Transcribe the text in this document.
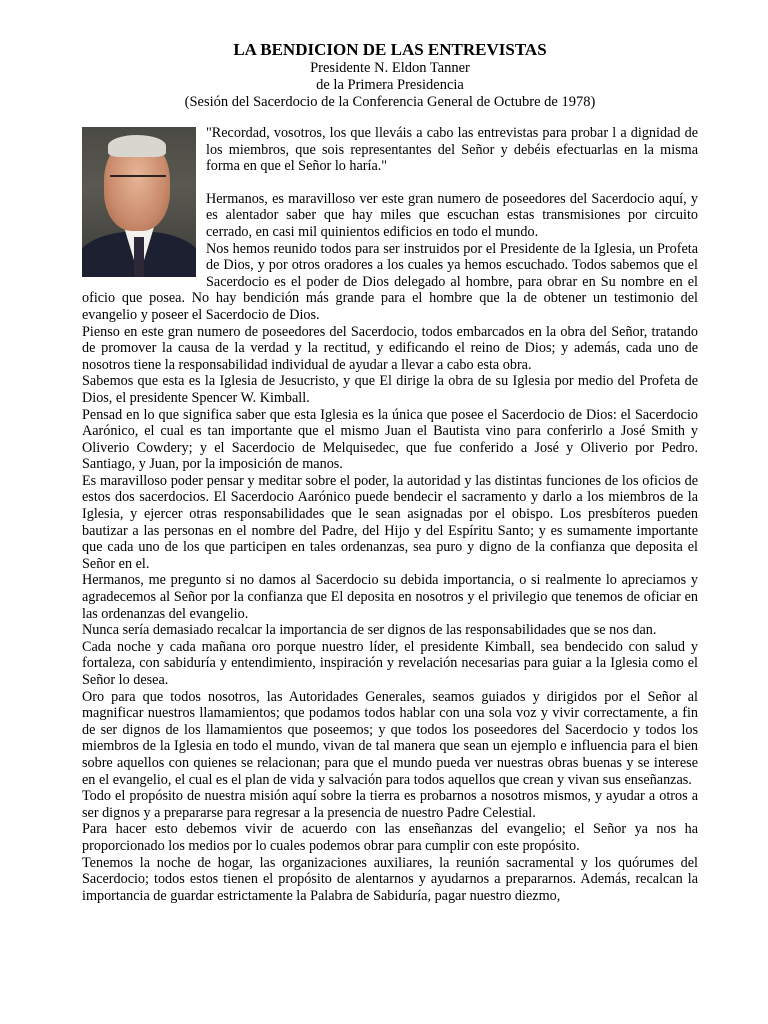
LA BENDICION DE LAS ENTREVISTAS
Presidente N. Eldon Tanner
de la Primera Presidencia
(Sesión del Sacerdocio de la Conferencia General de Octubre de 1978)

"Recordad, vosotros, los que lleváis a cabo las entrevistas para probar l a dignidad de los miembros, que sois representantes del Señor y debéis efectuarlas en la misma forma en que el Señor lo haría."

Hermanos, es maravilloso ver este gran numero de poseedores del Sacerdocio aquí, y es alentador saber que hay miles que escuchan estas transmisiones por circuito cerrado, en casi mil quinientos edificios en todo el mundo.

Nos hemos reunido todos para ser instruidos por el Presidente de la Iglesia, un Profeta de Dios, y por otros oradores a los cuales ya hemos escuchado. Todos sabemos que el Sacerdocio es el poder de Dios delegado al hombre, para obrar en Su nombre en el oficio que posea. No hay bendición más grande para el hombre que la de obtener un testimonio del evangelio y poseer el Sacerdocio de Dios.

Pienso en este gran numero de poseedores del Sacerdocio, todos embarcados en la obra del Señor, tratando de promover la causa de la verdad y la rectitud, y edificando el reino de Dios; y además, cada uno de nosotros tiene la responsabilidad individual de ayudar a llevar a cabo esta obra.

Sabemos que esta es la Iglesia de Jesucristo, y que El dirige la obra de su Iglesia por medio del Profeta de Dios, el presidente Spencer W. Kimball.

Pensad en lo que significa saber que esta Iglesia es la única que posee el Sacerdocio de Dios: el Sacerdocio Aarónico, el cual es tan importante que el mismo Juan el Bautista vino para conferirlo a José Smith y Oliverio Cowdery; y el Sacerdocio de Melquisedec, que fue conferido a José y Oliverio por Pedro. Santiago, y Juan, por la imposición de manos.

Es maravilloso poder pensar y meditar sobre el poder, la autoridad y las distintas funciones de los oficios de estos dos sacerdocios. El Sacerdocio Aarónico puede bendecir el sacramento y darlo a los miembros de la Iglesia, y ejercer otras responsabilidades que le sean asignadas por el obispo. Los presbíteros pueden bautizar a las personas en el nombre del Padre, del Hijo y del Espíritu Santo; y es sumamente importante que cada uno de los que participen en tales ordenanzas, sea puro y digno de la confianza que deposita el Señor en el.

Hermanos, me pregunto si no damos al Sacerdocio su debida importancia, o si realmente lo apreciamos y agradecemos al Señor por la confianza que El deposita en nosotros y el privilegio que tenemos de oficiar en las ordenanzas del evangelio.

Nunca sería demasiado recalcar la importancia de ser dignos de las responsabilidades que se nos dan.

Cada noche y cada mañana oro porque nuestro líder, el presidente Kimball, sea bendecido con salud y fortaleza, con sabiduría y entendimiento, inspiración y revelación necesarias para guiar a la Iglesia como el Señor lo desea.

Oro para que todos nosotros, las Autoridades Generales, seamos guiados y dirigidos por el Señor al magnificar nuestros llamamientos; que podamos todos hablar con una sola voz y vivir correctamente, a fin de ser dignos de los llamamientos que poseemos; y que todos los poseedores del Sacerdocio y todos los miembros de la Iglesia en todo el mundo, vivan de tal manera que sean un ejemplo e influencia para el bien sobre aquellos con quienes se relacionan; para que el mundo pueda ver nuestras obras buenas y se interese en el evangelio, el cual es el plan de vida y salvación para todos aquellos que crean y vivan sus enseñanzas.

Todo el propósito de nuestra misión aquí sobre la tierra es probarnos a nosotros mismos, y ayudar a otros a ser dignos y a prepararse para regresar a la presencia de nuestro Padre Celestial.

Para hacer esto debemos vivir de acuerdo con las enseñanzas del evangelio; el Señor ya nos ha proporcionado los medios por lo cuales podemos obrar para cumplir con este propósito.

Tenemos la noche de hogar, las organizaciones auxiliares, la reunión sacramental y los quórumes del Sacerdocio; todos estos tienen el propósito de alentarnos y ayudarnos a prepararnos. Además, recalcan la importancia de guardar estrictamente la Palabra de Sabiduría, pagar nuestro diezmo,
